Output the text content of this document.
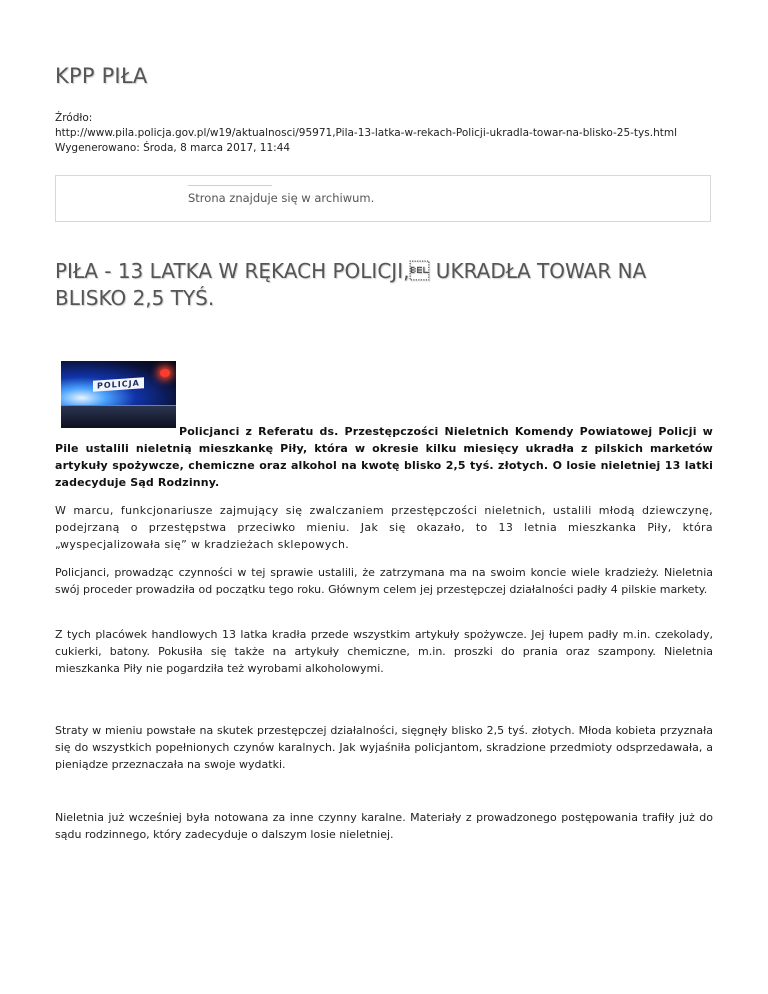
KPP PIŁA
Źródło:
http://www.pila.policja.gov.pl/w19/aktualnosci/95971,Pila-13-latka-w-rekach-Policji-ukradla-towar-na-blisko-25-tys.html
Wygenerowano: Środa, 8 marca 2017, 11:44
Strona znajduje się w archiwum.
PIŁA - 13 LATKA W RĘKACH POLICJI, UKRADŁA TOWAR NA BLISKO 2,5 TYŚ.
Policjanci z Referatu ds. Przestępczości Nieletnich Komendy Powiatowej Policji w Pile ustalili nieletnią mieszkankę Piły, która w okresie kilku miesięcy ukradła z pilskich marketów artykuły spożywcze, chemiczne oraz alkohol na kwotę blisko 2,5 tyś. złotych. O losie nieletniej 13 latki zadecyduje Sąd Rodzinny.

W marcu, funkcjonariusze zajmujący się zwalczaniem przestępczości nieletnich, ustalili młodą dziewczynę, podejrzaną o przestępstwa przeciwko mieniu. Jak się okazało, to 13 letnia mieszkanka Piły, która „wyspecjalizowała się” w kradzieżach sklepowych.

Policjanci, prowadząc czynności w tej sprawie ustalili, że zatrzymana ma na swoim koncie wiele kradzieży. Nieletnia swój proceder prowadziła od początku tego roku. Głównym celem jej przestępczej działalności padły 4 pilskie markety.

Z tych placówek handlowych 13 latka kradła przede wszystkim artykuły spożywcze. Jej łupem padły m.in. czekolady, cukierki, batony. Pokusiła się także na artykuły chemiczne, m.in. proszki do prania oraz szampony. Nieletnia mieszkanka Piły nie pogardziła też wyrobami alkoholowymi.

Straty w mieniu powstałe na skutek przestępczej działalności, sięgnęły blisko 2,5 tyś. złotych. Młoda kobieta przyznała się do wszystkich popełnionych czynów karalnych. Jak wyjaśniła policjantom, skradzione przedmioty odsprzedawała, a pieniądze przeznaczała na swoje wydatki.

Nieletnia już wcześniej była notowana za inne czynny karalne. Materiały z prowadzonego postępowania trafiły już do sądu rodzinnego, który zadecyduje o dalszym losie nieletniej.

POLICJA
